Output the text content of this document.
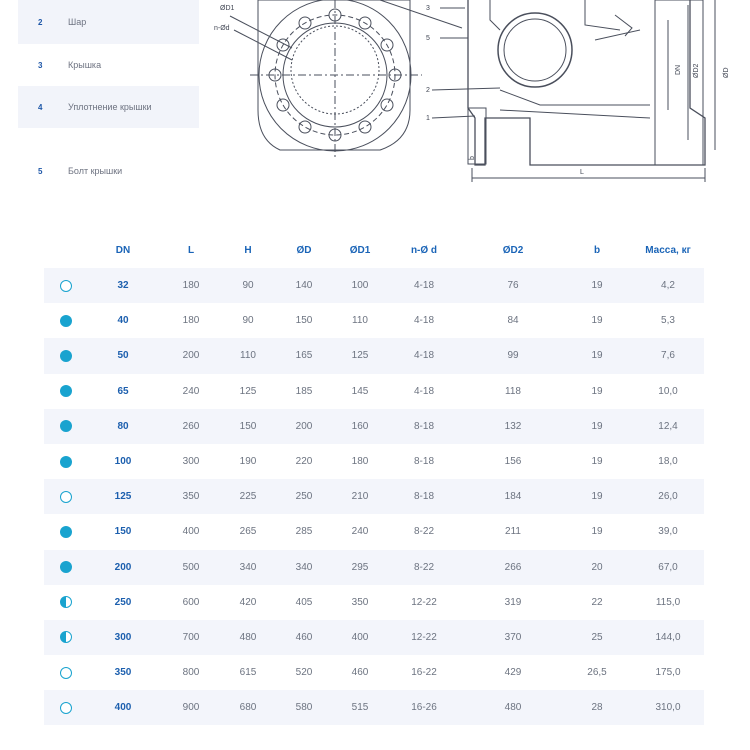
2	Шар
3	Крышка
4	Уплотнение крышки
5	Болт крышки
ØD1
n-Ød
3
5
2
1
DN ØD2	ØD
b
L
DN	L	H	ØD	ØD1	n-Ø d	ØD2	b	Масса, кг
32	180	90	140	100	4-18	76	19	4,2
40	180	90	150	110	4-18	84	19	5,3
50	200	110	165	125	4-18	99	19	7,6
65	240	125	185	145	4-18	118	19	10,0
80	260	150	200	160	8-18	132	19	12,4
100	300	190	220	180	8-18	156	19	18,0
125	350	225	250	210	8-18	184	19	26,0
150	400	265	285	240	8-22	211	19	39,0
200	500	340	340	295	8-22	266	20	67,0
250	600	420	405	350	12-22	319	22	115,0
300	700	480	460	400	12-22	370	25	144,0
350	800	615	520	460	16-22	429	26,5	175,0
400	900	680	580	515	16-26	480	28	310,0
